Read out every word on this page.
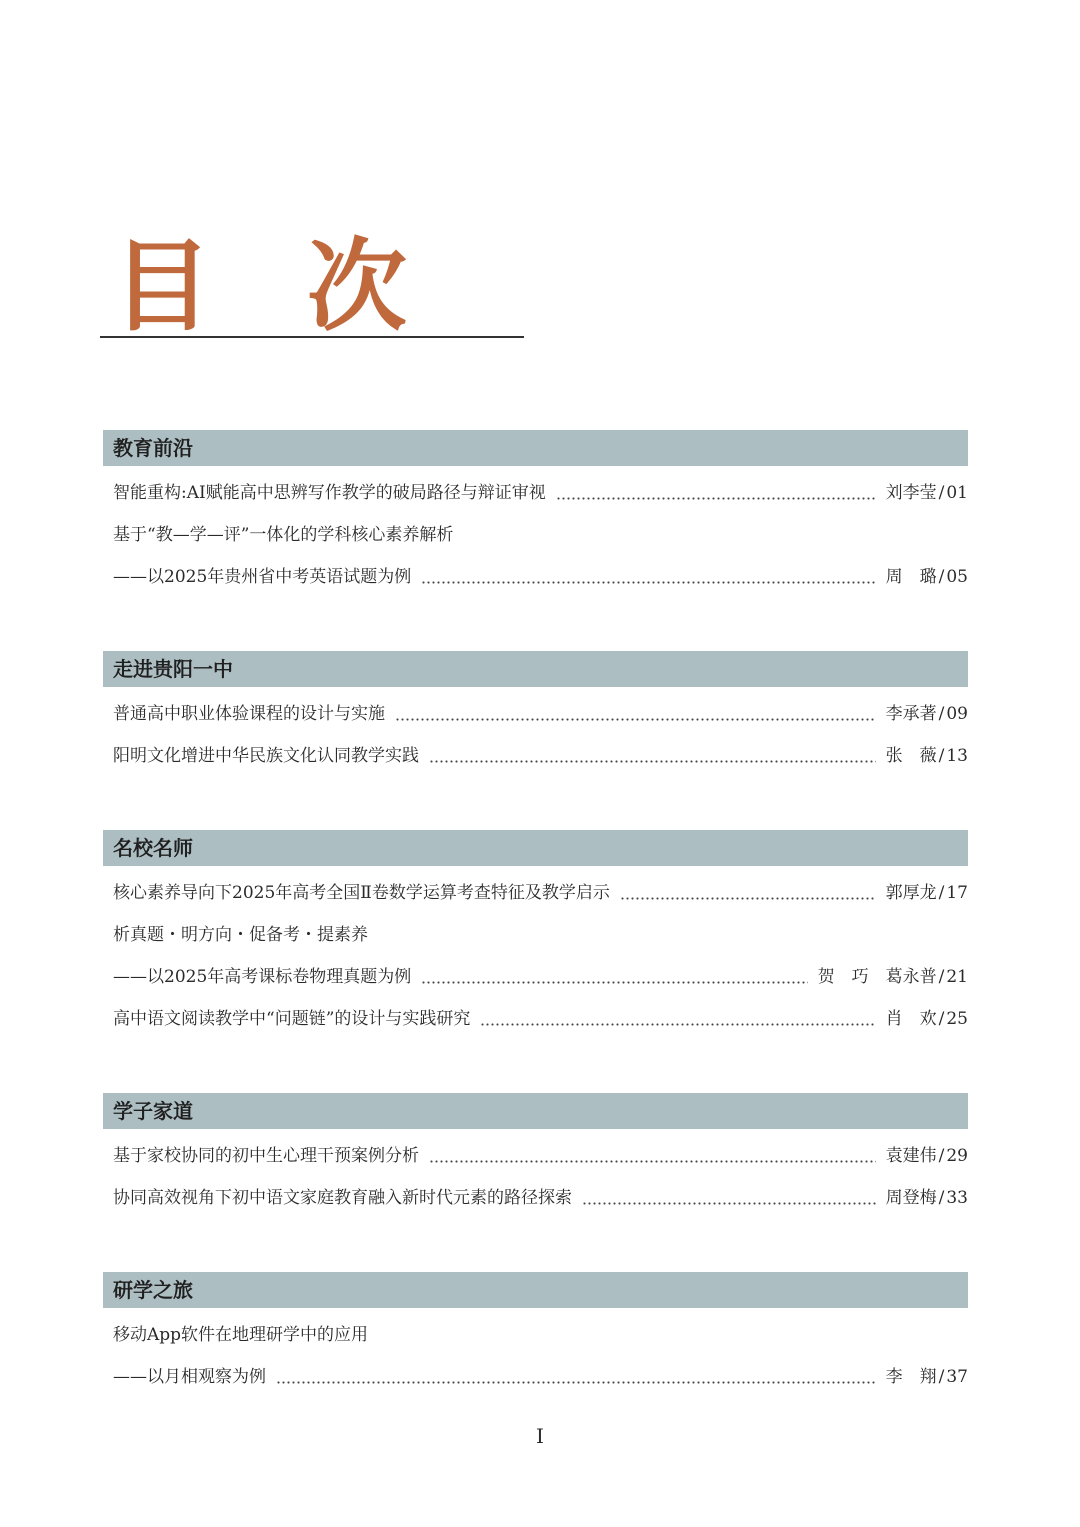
目 次
教育前沿
智能重构:AI赋能高中思辨写作教学的破局路径与辩证审视	刘李莹 / 01
基于“教—学—评”一体化的学科核心素养解析
——以2025年贵州省中考英语试题为例	周　璐 / 05
走进贵阳一中
普通高中职业体验课程的设计与实施	李承著 / 09
阳明文化增进中华民族文化认同教学实践	张　薇 / 13
名校名师
核心素养导向下2025年高考全国Ⅱ卷数学运算考查特征及教学启示	郭厚龙 / 17
析真题・明方向・促备考・提素养
——以2025年高考课标卷物理真题为例	贺　巧　葛永普 / 21
高中语文阅读教学中“问题链”的设计与实践研究	肖　欢 / 25
学子家道
基于家校协同的初中生心理干预案例分析	袁建伟 / 29
协同高效视角下初中语文家庭教育融入新时代元素的路径探索	周登梅 / 33
研学之旅
移动App软件在地理研学中的应用
——以月相观察为例	李　翔 / 37
I
